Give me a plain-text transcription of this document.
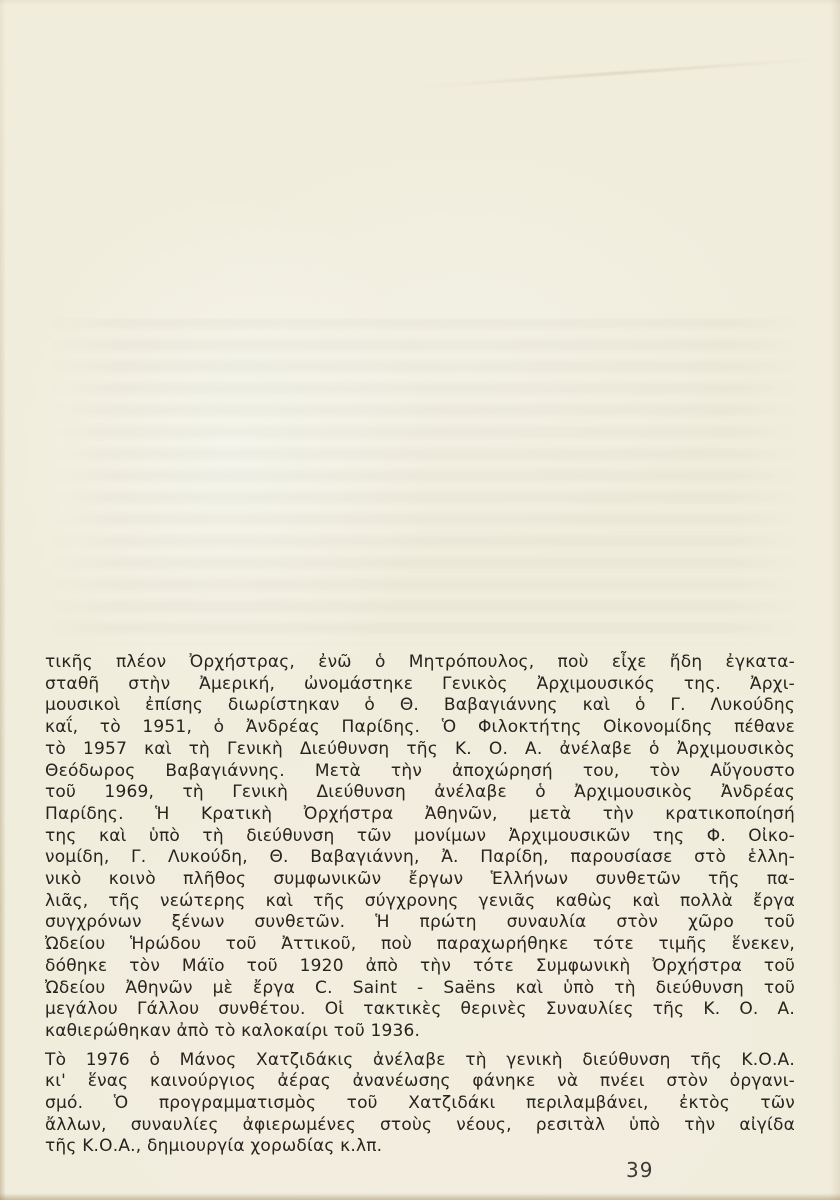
τικῆς πλέον Ὀρχήστρας, ἐνῶ ὁ Μητρόπουλος, ποὺ εἶχε ἤδη ἐγκατα-
σταθῆ στὴν Ἀμερική, ὠνομάστηκε Γενικὸς Ἀρχιμουσικός της. Ἀρχι-
μουσικοὶ ἐπίσης διωρίστηκαν ὁ Θ. Βαβαγιάννης καὶ ὁ Γ. Λυκούδης
καΐ, τὸ 1951, ὁ Ἀνδρέας Παρίδης. Ὁ Φιλοκτήτης Οἰκονομίδης πέθανε
τὸ 1957 καὶ τὴ Γενικὴ Διεύθυνση τῆς Κ. Ο. Α. ἀνέλαβε ὁ Ἀρχιμουσικὸς
Θεόδωρος Βαβαγιάννης. Μετὰ τὴν ἀποχώρησή του, τὸν Αὔγουστο
τοῦ 1969, τὴ Γενικὴ Διεύθυνση ἀνέλαβε ὁ Ἀρχιμουσικὸς Ἀνδρέας
Παρίδης. Ἡ Κρατικὴ Ὀρχήστρα Ἀθηνῶν, μετὰ τὴν κρατικοποίησή
της καὶ ὑπὸ τὴ διεύθυνση τῶν μονίμων Ἀρχιμουσικῶν της Φ. Οἰκο-
νομίδη, Γ. Λυκούδη, Θ. Βαβαγιάννη, Ἀ. Παρίδη, παρουσίασε στὸ ἑλλη-
νικὸ κοινὸ πλῆθος συμφωνικῶν ἔργων Ἑλλήνων συνθετῶν τῆς πα-
λιᾶς, τῆς νεώτερης καὶ τῆς σύγχρονης γενιᾶς καθὼς καὶ πολλὰ ἔργα
συγχρόνων ξένων συνθετῶν. Ἡ πρώτη συναυλία στὸν χῶρο τοῦ
Ὠδείου Ἡρώδου τοῦ Ἀττικοῦ, ποὺ παραχωρήθηκε τότε τιμῆς ἕνεκεν,
δόθηκε τὸν Μάϊο τοῦ 1920 ἀπὸ τὴν τότε Συμφωνικὴ Ὀρχήστρα τοῦ
Ὠδείου Ἀθηνῶν μὲ ἔργα C. Saint - Saëns καὶ ὑπὸ τὴ διεύθυνση τοῦ
μεγάλου Γάλλου συνθέτου. Οἱ τακτικὲς θερινὲς Συναυλίες τῆς Κ. Ο. Α.
καθιερώθηκαν ἀπὸ τὸ καλοκαίρι τοῦ 1936.
Τὸ 1976 ὁ Μάνος Χατζιδάκις ἀνέλαβε τὴ γενικὴ διεύθυνση τῆς Κ.Ο.Α.
κι' ἕνας καινούργιος ἀέρας ἀνανέωσης φάνηκε νὰ πνέει στὸν ὀργανι-
σμό. Ὁ προγραμματισμὸς τοῦ Χατζιδάκι περιλαμβάνει, ἐκτὸς τῶν
ἄλλων, συναυλίες ἀφιερωμένες στοὺς νέους, ρεσιτὰλ ὑπὸ τὴν αἰγίδα
τῆς Κ.Ο.Α., δημιουργία χορωδίας κ.λπ.
39
